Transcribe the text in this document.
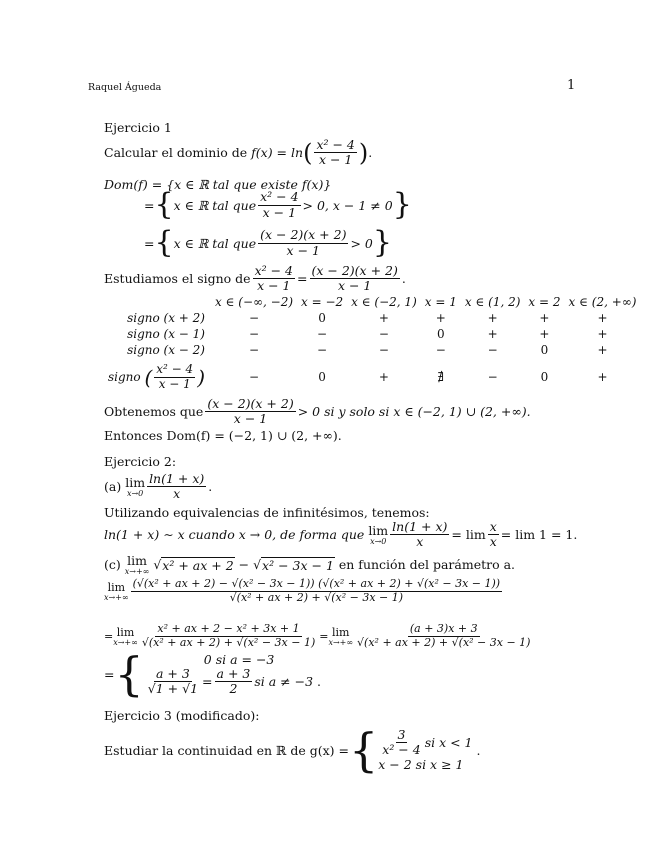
Raquel Águeda	1
Ejercicio 1
Calcular el dominio de
f(x) = ln ( $\frac{\text{x² − 4}}{x - 1}$ ) .
Dom(f) = {x ∈ ℝ tal que existe f(x)}
= { x ∈ ℝ tal que $\frac{\text{x² − 4}}{x - 1} > 0$, x − 1 ≠ 0 }
= { x ∈ ℝ tal que $\frac{(x - 2)(x + 2)}{x - 1} > 0$ }
Estudiamos el signo de $\frac{\text{x² − 4}}{x - 1} = \frac{(x - 2)(x + 2)}{x - 1}$ .
	x ∈ (−∞, −2)	x = −2	x ∈ (−2, 1)	x = 1	x ∈ (1, 2)	x = 2	x ∈ (2, +∞)
signo (x + 2)	−	0	+	+	+	+	+
signo (x − 1)	−	−	−	0	+	+	+
signo (x − 2)	−	−	−	−	−	0	+
signo ( $\frac{\text{x² − 4}}{x - 1}$ )	−	0	+	∄	−	0	+
Obtenemos que $\frac{(x - 2)(x + 2)}{x - 1} > 0$ si y solo si x ∈ (−2, 1) ∪ (2, +∞).
Entonces Dom(f) = (−2, 1) ∪ (2, +∞).
Ejercicio 2:
(a)
lim
$x\to 0 \frac{\ln(1 + x)}{x}$ .
Utilizando equivalencias de infinitésimos, tenemos:
ln(1 + x) ∼ x cuando x → 0, de forma que
lim
$x\to 0 \frac{\ln(1 + x)}{x} = \lim \frac{x}{x} = \lim 1 = 1$.
(c)
lim
x→+∞ √ x² + ax + 2 − √ x² − 3x − 1
en función del parámetro a.
lim
x→+∞
(√(x² + ax + 2) − √(x² − 3x − 1)) (√(x² + ax + 2) + √(x² − 3x − 1))
√(x² + ax + 2) + √(x² − 3x − 1)
= lim
$x\to+\infty \frac{\text{x² + ax + 2 − x² + 3x + 1}}{\text{√(x² + ax + 2) + √(x² − 3x − 1)}} = \lim$
$x\to+\infty \frac{(a + 3)x + 3}{\text{√(x² + ax + 2) + √(x² − 3x − 1)}}$
= {	0 si a = −3
$\frac{a + 3}{√1 + √1} = \frac{a + 3}{2}$ si a ≠ −3 .
Ejercicio 3 (modificado):
Estudiar la continuidad en ℝ de g(x) = { $\frac{3}{\text{x² − 4}}$ si x < 1
x − 2 si x ≥ 1
.
